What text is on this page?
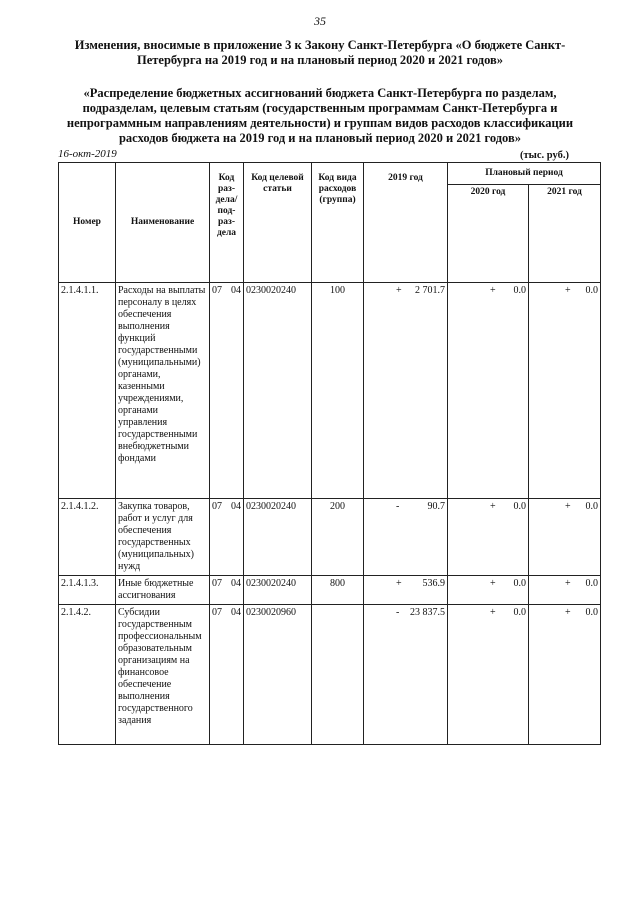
35
Изменения, вносимые в приложение 3 к Закону Санкт-Петербурга «О бюджете Санкт-Петербурга на 2019 год и на плановый период 2020 и 2021 годов»
«Распределение бюджетных ассигнований бюджета Санкт-Петербурга по разделам, подразделам, целевым статьям (государственным программам Санкт-Петербурга и непрограммным направлениям деятельности) и группам видов расходов классификации расходов бюджета на 2019 год и на плановый период 2020 и 2021 годов»
16-окт-2019	(тыс. руб.)
Номер	Наименование	Код раз-дела/ под-раз-дела	Код целевой статьи	Код вида расходов (группа)	2019 год	Плановый период	
						2020 год	2021 год
2.1.4.1.1.	Расходы на выплаты персоналу в целях обеспечения выполнения функций государственными (муниципальными) органами, казенными учреждениями, органами управления государственными внебюджетными фондами	07 04	0230020240	100	+ 2 701.7	+ 0.0	+ 0.0

2.1.4.1.2.	Закупка товаров, работ и услуг для обеспечения государственных (муниципальных) нужд	07 04	0230020240	200	- 90.7	+ 0.0	+ 0.0

2.1.4.1.3.	Иные бюджетные ассигнования	07 04	0230020240	800	+ 536.9	+ 0.0	+ 0.0

2.1.4.2.	Субсидии государственным профессиональным образовательным организациям на финансовое обеспечение выполнения государственного задания	07 04	0230020960		- 23 837.5	+ 0.0	+ 0.0
